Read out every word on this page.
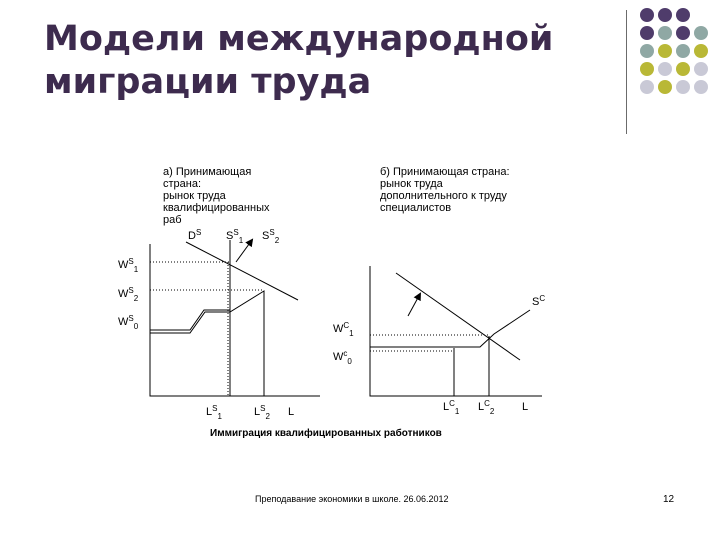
Модели международной
миграции труда

а) Принимающая
страна:
рынок труда
квалифицированных
раб

б) Принимающая страна:
рынок труда
дополнительного к труду
специалистов

$W^S_1$
$W^S_2$
$W^S_0$
$D^S$ $S^S_1$ $S^S_2$
$L^S_1$	$L^S_2$ L
$S^C$
$W^C_1$
$W^c_0$
$L^C_1$ $L^C_2$	L
Иммиграция квалифицированных работников
Преподавание экономики в школе. 26.06.2012	12
